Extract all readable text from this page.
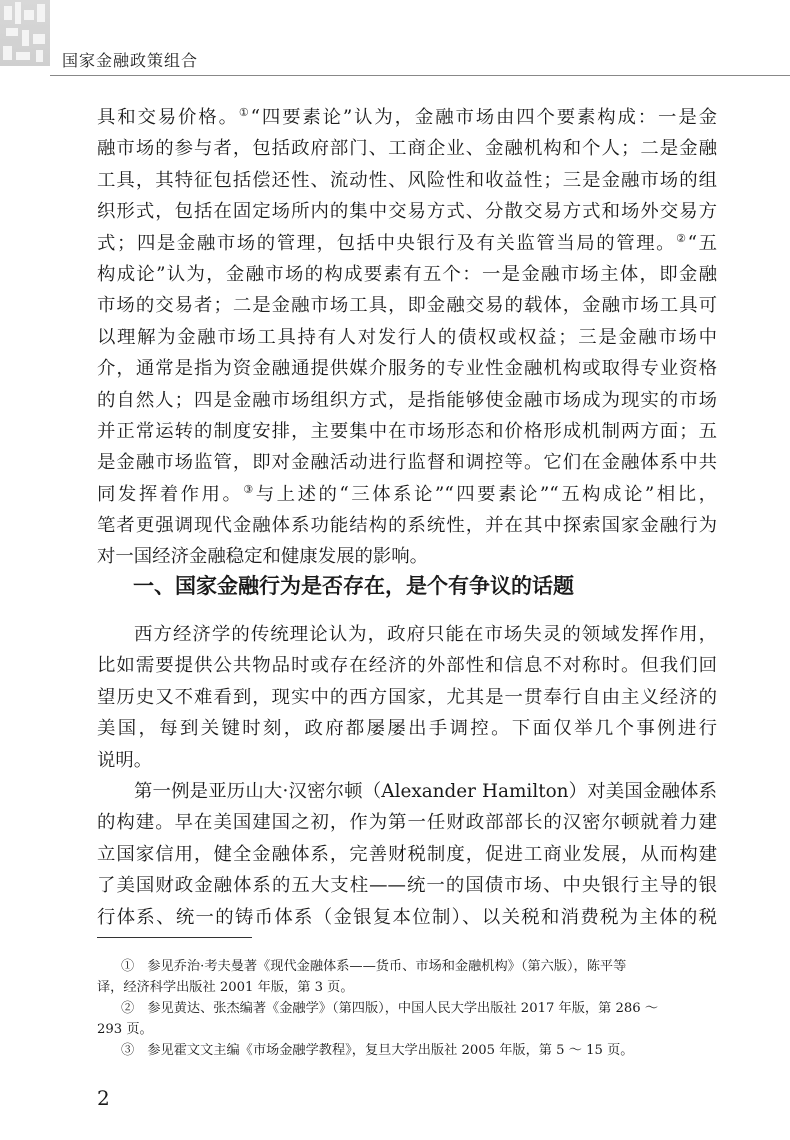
国家金融政策组合
具和交易价格。①“四要素论”认为，金融市场由四个要素构成：一是金
融市场的参与者，包括政府部门、工商企业、金融机构和个人；二是金融
工具，其特征包括偿还性、流动性、风险性和收益性；三是金融市场的组
织形式，包括在固定场所内的集中交易方式、分散交易方式和场外交易方
式；四是金融市场的管理，包括中央银行及有关监管当局的管理。②“五
构成论”认为，金融市场的构成要素有五个：一是金融市场主体，即金融
市场的交易者；二是金融市场工具，即金融交易的载体，金融市场工具可
以理解为金融市场工具持有人对发行人的债权或权益；三是金融市场中
介，通常是指为资金融通提供媒介服务的专业性金融机构或取得专业资格
的自然人；四是金融市场组织方式，是指能够使金融市场成为现实的市场
并正常运转的制度安排，主要集中在市场形态和价格形成机制两方面；五
是金融市场监管，即对金融活动进行监督和调控等。它们在金融体系中共
同发挥着作用。③与上述的“三体系论”“四要素论”“五构成论”相比，
笔者更强调现代金融体系功能结构的系统性，并在其中探索国家金融行为
对一国经济金融稳定和健康发展的影响。
一、国家金融行为是否存在，是个有争议的话题
西方经济学的传统理论认为，政府只能在市场失灵的领域发挥作用，
比如需要提供公共物品时或存在经济的外部性和信息不对称时。但我们回
望历史又不难看到，现实中的西方国家，尤其是一贯奉行自由主义经济的
美国，每到关键时刻，政府都屡屡出手调控。下面仅举几个事例进行
说明。
第一例是亚历山大·汉密尔顿（Alexander Hamilton）对美国金融体系
的构建。早在美国建国之初，作为第一任财政部部长的汉密尔顿就着力建
立国家信用，健全金融体系，完善财税制度，促进工商业发展，从而构建
了美国财政金融体系的五大支柱——统一的国债市场、中央银行主导的银
行体系、统一的铸币体系（金银复本位制）、以关税和消费税为主体的税
①　参见乔治·考夫曼著《现代金融体系——货币、市场和金融机构》（第六版），陈平等
译，经济科学出版社 2001 年版，第 3 页。
②　参见黄达、张杰编著《金融学》（第四版），中国人民大学出版社 2017 年版，第 286 ～
293 页。
③　参见霍文文主编《市场金融学教程》，复旦大学出版社 2005 年版，第 5 ～ 15 页。
2
